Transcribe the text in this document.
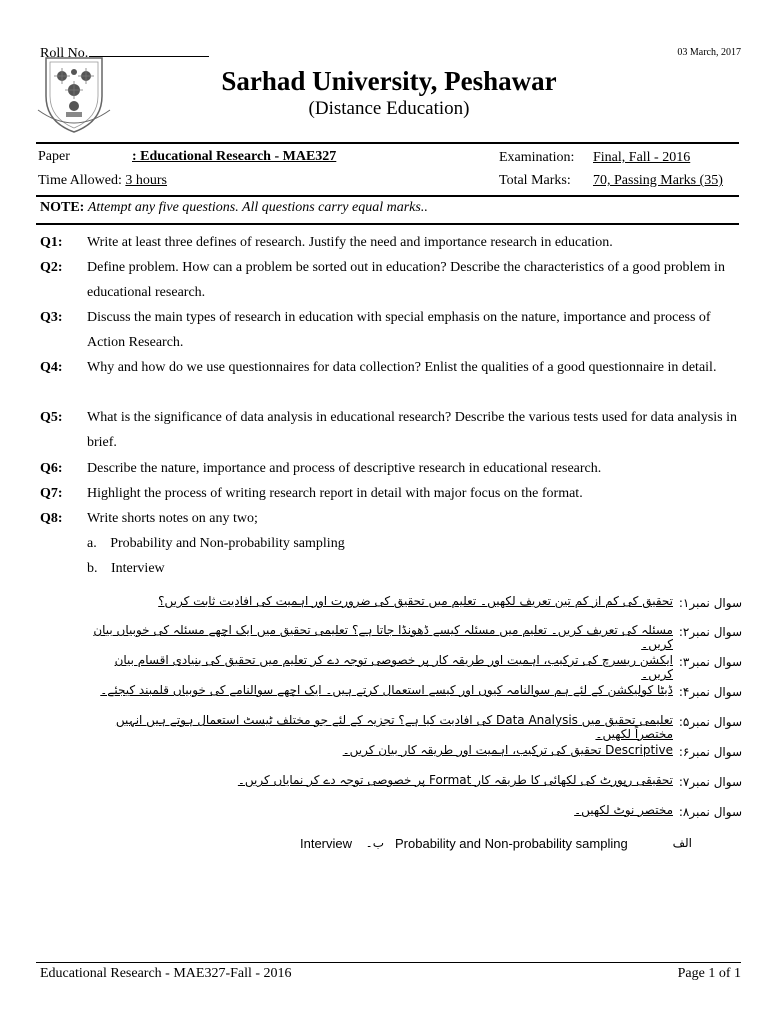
Roll No.	03 March, 2017
Sarhad University, Peshawar
(Distance Education)
Paper	: Educational Research - MAE327
Time Allowed: 3 hours
Examination: Final, Fall - 2016
Total Marks: 70, Passing Marks (35)
NOTE: Attempt any five questions. All questions carry equal marks..
Q1: Write at least three defines of research. Justify the need and importance research in education.
Q2: Define problem. How can a problem be sorted out in education? Describe the characteristics of a good problem in educational research.
Q3: Discuss the main types of research in education with special emphasis on the nature, importance and process of Action Research.
Q4: Why and how do we use questionnaires for data collection? Enlist the qualities of a good questionnaire in detail.
Q5: What is the significance of data analysis in educational research? Describe the various tests used for data analysis in brief.
Q6: Describe the nature, importance and process of descriptive research in educational research.
Q7: Highlight the process of writing research report in detail with major focus on the format.
Q8: Write shorts notes on any two;
a. Probability and Non-probability sampling
b. Interview
سوال نمبر۱:
تحقیق کی کم از کم تین تعریف لکھیں۔ تعلیم میں تحقیق کی ضرورت اور اہمیت کی افادیت ثابت کریں؟
سوال نمبر۲:
مسئلہ کی تعریف کریں۔ تعلیم میں مسئلہ کیسے ڈھونڈا جاتا ہے؟ تعلیمی تحقیق میں ایک اچھے مسئلہ کی خوبیاں بیان کریں۔
سوال نمبر۳:
ایکشن ریسرچ کی ترکیب، اہمیت اور طریقہ کار پر خصوصی توجہ دے کر تعلیم میں تحقیق کی بنیادی اقسام بیان کریں۔
سوال نمبر۴:
ڈیٹا کولیکشن کے لئے ہم سوالنامہ کیوں اور کیسے استعمال کرتے ہیں۔ ایک اچھے سوالنامے کی خوبیاں قلمبند کیجئے۔
سوال نمبر۵:
تعلیمی تحقیق میں Data Analysis کی افادیت کیا ہے؟ تجزیہ کے لئے جو مختلف ٹیسٹ استعمال ہوتے ہیں انہیں مختصراً لکھیں۔
سوال نمبر۶:
Descriptive تحقیق کی ترکیب، اہمیت اور طریقہ کار بیان کریں۔
سوال نمبر۷:
تحقیقی رپورٹ کی لکھائی کا طریقہ کار Format پر خصوصی توجہ دے کر نمایاں کریں۔
سوال نمبر۸:
مختصر نوٹ لکھیں۔
الف
Probability and Non-probability sampling
ب۔
Interview
Educational Research - MAE327-Fall - 2016	Page 1 of 1
